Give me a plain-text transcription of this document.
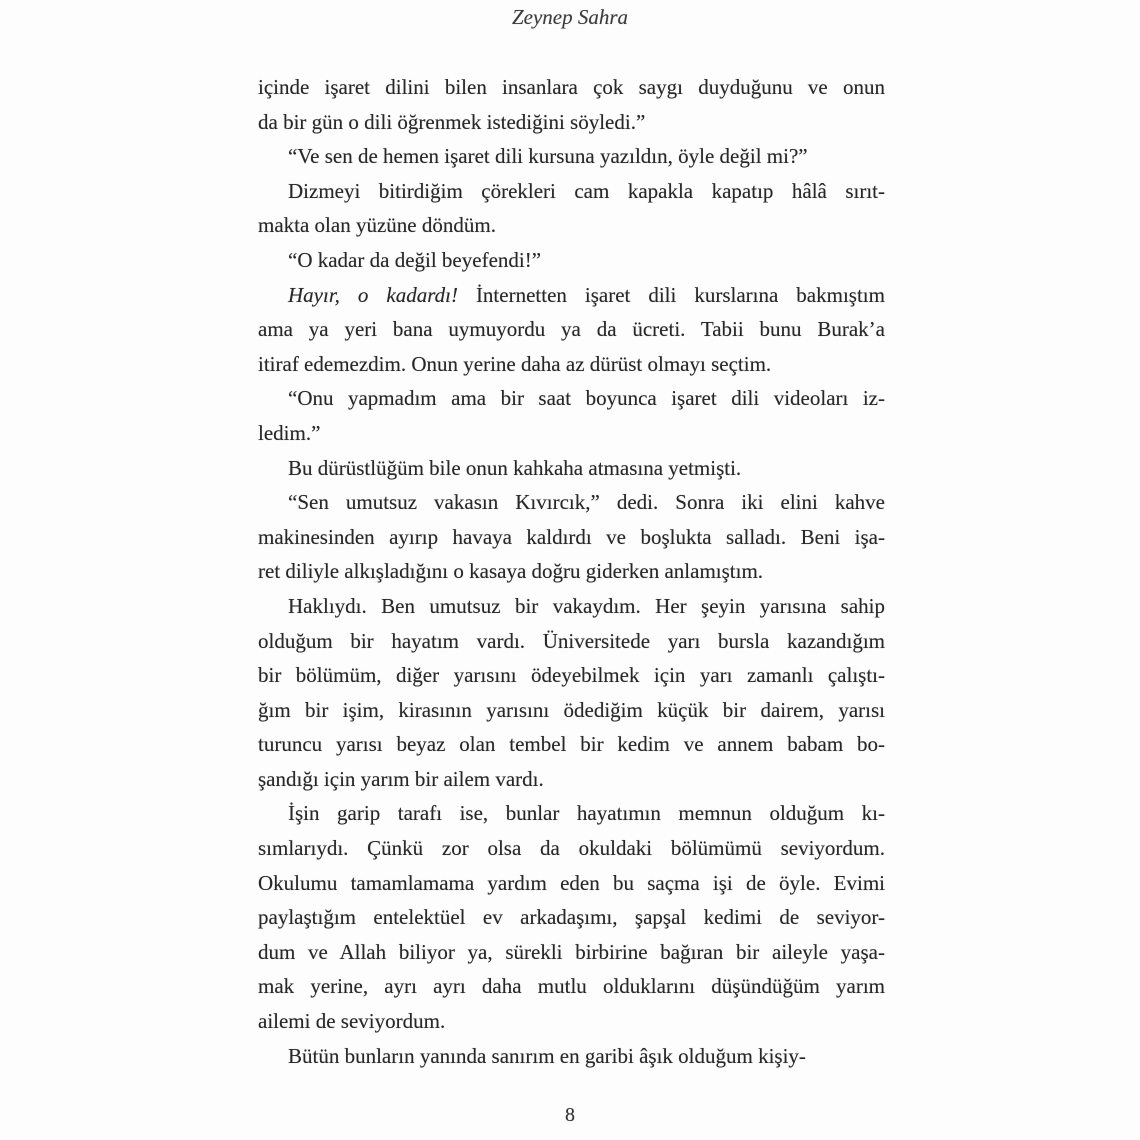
Zeynep Sahra
içinde işaret dilini bilen insanlara çok saygı duyduğunu ve onun
da bir gün o dili öğrenmek istediğini söyledi.”
“Ve sen de hemen işaret dili kursuna yazıldın, öyle değil mi?”
Dizmeyi bitirdiğim çörekleri cam kapakla kapatıp hâlâ sırıt-
makta olan yüzüne döndüm.
“O kadar da değil beyefendi!”
Hayır, o kadardı! İnternetten işaret dili kurslarına bakmıştım
ama ya yeri bana uymuyordu ya da ücreti. Tabii bunu Burak’a
itiraf edemezdim. Onun yerine daha az dürüst olmayı seçtim.
“Onu yapmadım ama bir saat boyunca işaret dili videoları iz-
ledim.”
Bu dürüstlüğüm bile onun kahkaha atmasına yetmişti.
“Sen umutsuz vakasın Kıvırcık,” dedi. Sonra iki elini kahve
makinesinden ayırıp havaya kaldırdı ve boşlukta salladı. Beni işa-
ret diliyle alkışladığını o kasaya doğru giderken anlamıştım.
Haklıydı. Ben umutsuz bir vakaydım. Her şeyin yarısına sahip
olduğum bir hayatım vardı. Üniversitede yarı bursla kazandığım
bir bölümüm, diğer yarısını ödeyebilmek için yarı zamanlı çalıştı-
ğım bir işim, kirasının yarısını ödediğim küçük bir dairem, yarısı
turuncu yarısı beyaz olan tembel bir kedim ve annem babam bo-
şandığı için yarım bir ailem vardı.
İşin garip tarafı ise, bunlar hayatımın memnun olduğum kı-
sımlarıydı. Çünkü zor olsa da okuldaki bölümümü seviyordum.
Okulumu tamamlamama yardım eden bu saçma işi de öyle. Evimi
paylaştığım entelektüel ev arkadaşımı, şapşal kedimi de seviyor-
dum ve Allah biliyor ya, sürekli birbirine bağıran bir aileyle yaşa-
mak yerine, ayrı ayrı daha mutlu olduklarını düşündüğüm yarım
ailemi de seviyordum.
Bütün bunların yanında sanırım en garibi âşık olduğum kişiy-
8
